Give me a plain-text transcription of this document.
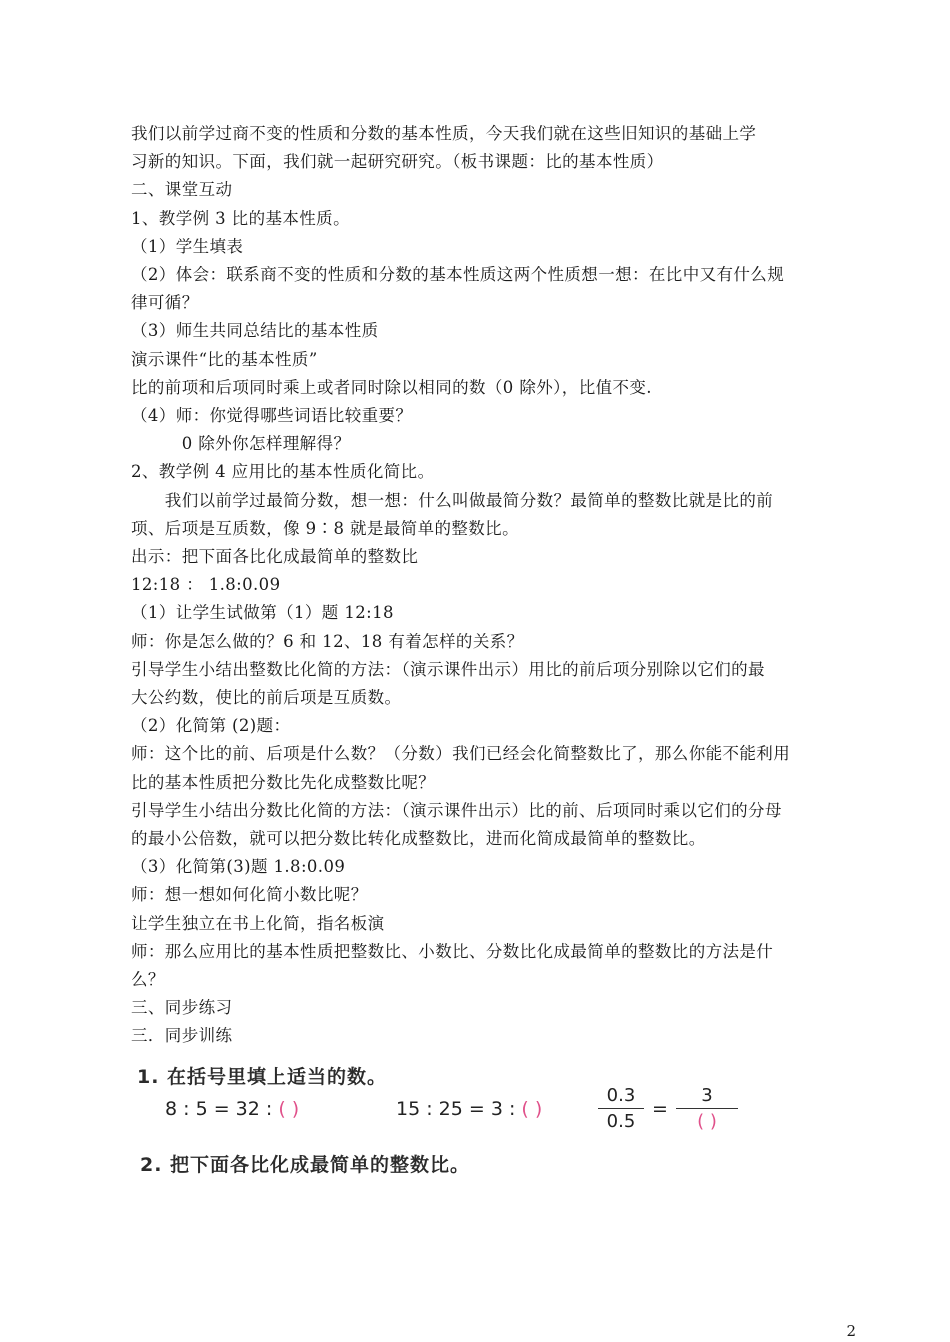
我们以前学过商不变的性质和分数的基本性质，今天我们就在这些旧知识的基础上学
习新的知识。下面，我们就一起研究研究。（板书课题：比的基本性质）
二、课堂互动
1、教学例 3 比的基本性质。
（1）学生填表
（2）体会：联系商不变的性质和分数的基本性质这两个性质想一想：在比中又有什么规
律可循？
（3）师生共同总结比的基本性质
演示课件“比的基本性质”
比的前项和后项同时乘上或者同时除以相同的数（0 除外），比值不变.
（4）师：你觉得哪些词语比较重要？
　　　0 除外你怎样理解得？
2、教学例 4 应用比的基本性质化简比。
　　我们以前学过最简分数，想一想：什么叫做最简分数？最简单的整数比就是比的前
项、后项是互质数，像 9∶8 就是最简单的整数比。
出示：把下面各比化成最简单的整数比
12:18 ： 1.8:0.09
（1）让学生试做第（1）题 12:18
师：你是怎么做的？6 和 12、18 有着怎样的关系？
引导学生小结出整数比化简的方法：（演示课件出示）用比的前后项分别除以它们的最
大公约数，使比的前后项是互质数。
（2）化简第 (2)题：
师：这个比的前、后项是什么数？（分数）我们已经会化简整数比了，那么你能不能利用
比的基本性质把分数比先化成整数比呢？
引导学生小结出分数比化简的方法：（演示课件出示）比的前、后项同时乘以它们的分母
的最小公倍数，就可以把分数比转化成整数比，进而化简成最简单的整数比。
（3）化简第(3)题 1.8:0.09
师：想一想如何化简小数比呢？
让学生独立在书上化简，指名板演
师：那么应用比的基本性质把整数比、小数比、分数比化成最简单的整数比的方法是什
么？
三、同步练习
三．同步训练
1. 在括号里填上适当的数。
8 : 5 = 32 : ( )	15 : 25 = 3 : ( )
0.3
0.5
=
3
( )
2. 把下面各比化成最简单的整数比。
2
